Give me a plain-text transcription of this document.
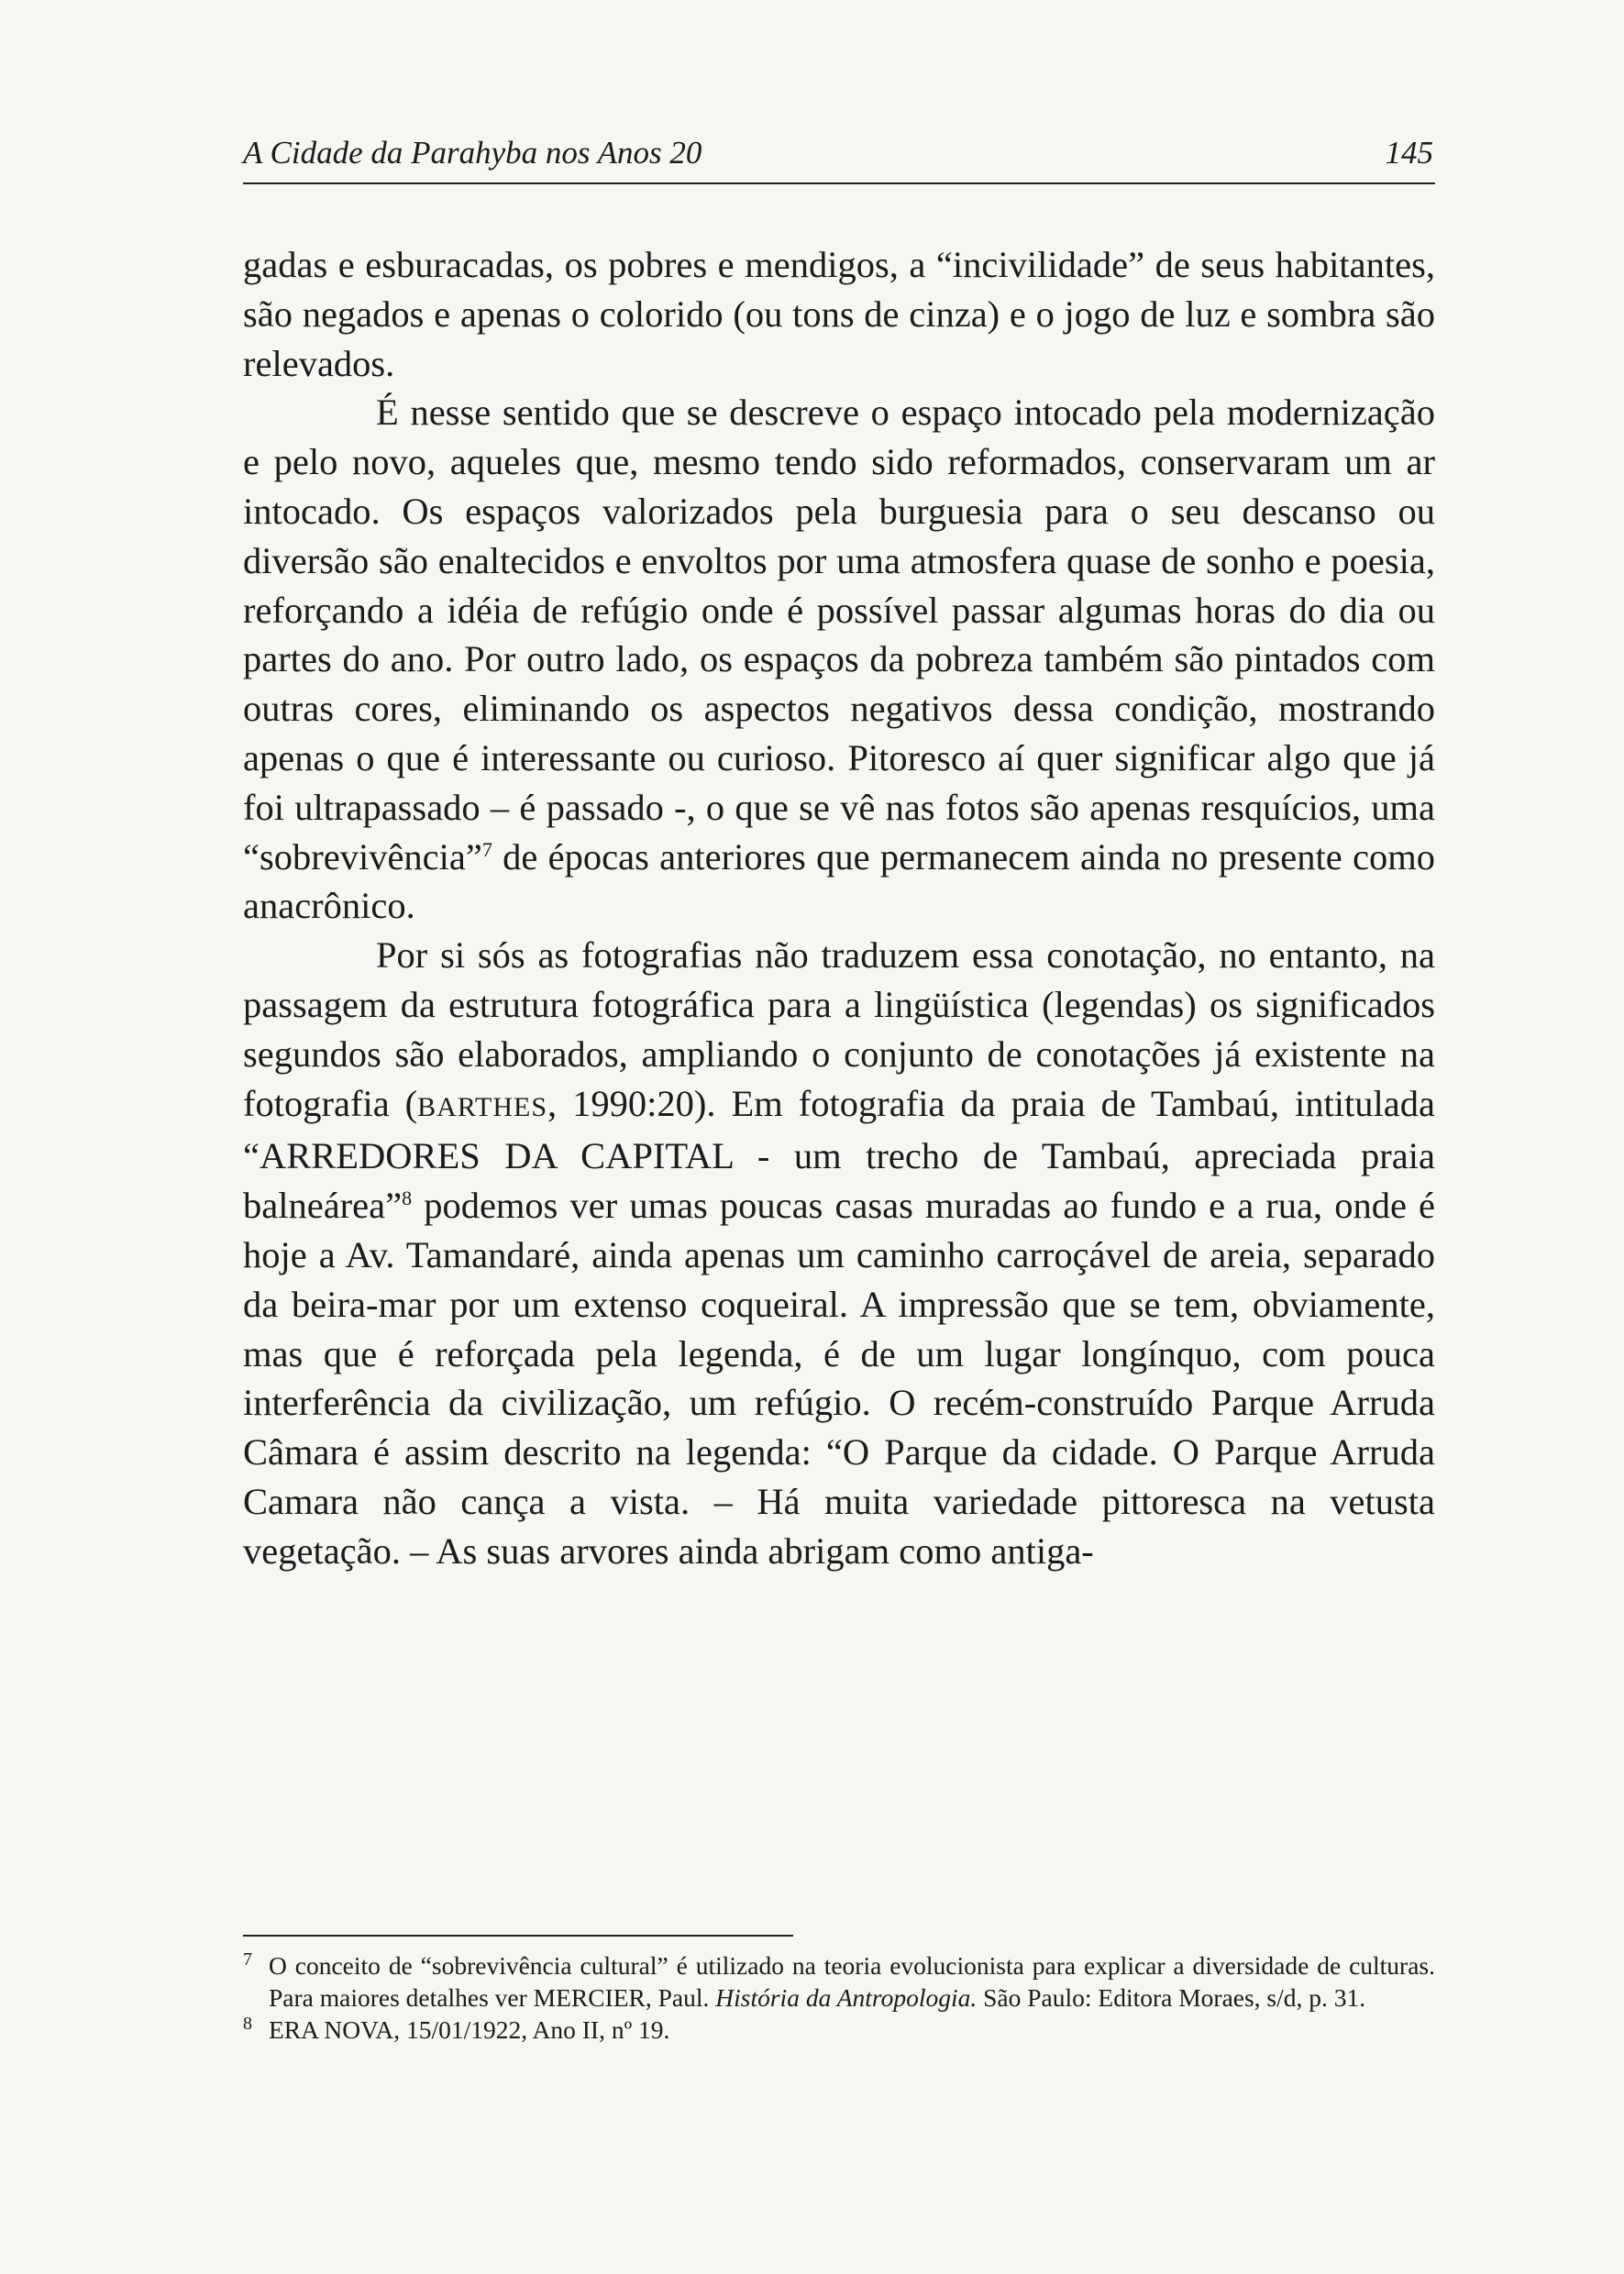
A Cidade da Parahyba nos Anos 20	145

gadas e esburacadas, os pobres e mendigos, a “incivilidade” de seus habitantes, são negados e apenas o colorido (ou tons de cinza) e o jogo de luz e sombra são relevados.

É nesse sentido que se descreve o espaço intocado pela modernização e pelo novo, aqueles que, mesmo tendo sido reformados, conservaram um ar intocado. Os espaços valorizados pela burguesia para o seu descanso ou diversão são enaltecidos e envoltos por uma atmosfera quase de sonho e poesia, reforçando a idéia de refúgio onde é possível passar algumas horas do dia ou partes do ano. Por outro lado, os espaços da pobreza também são pintados com outras cores, eliminando os aspectos negativos dessa condição, mostrando apenas o que é interessante ou curioso. Pitoresco aí quer significar algo que já foi ultrapassado – é passado -, o que se vê nas fotos são apenas resquícios, uma “sobrevivência”$^7$ de épocas anteriores que permanecem ainda no presente como anacrônico.

Por si sós as fotografias não traduzem essa conotação, no entanto, na passagem da estrutura fotográfica para a lingüística (legendas) os significados segundos são elaborados, ampliando o conjunto de conotações já existente na fotografia (BARTHES, 1990:20). Em fotografia da praia de Tambaú, intitulada “ARREDORES DA CAPITAL - um trecho de Tambaú, apreciada praia balneárea”$^8$ podemos ver umas poucas casas muradas ao fundo e a rua, onde é hoje a Av. Tamandaré, ainda apenas um caminho carroçável de areia, separado da beira-mar por um extenso coqueiral. A impressão que se tem, obviamente, mas que é reforçada pela legenda, é de um lugar longínquo, com pouca interferência da civilização, um refúgio. O recém-construído Parque Arruda Câmara é assim descrito na legenda: “O Parque da cidade. O Parque Arruda Camara não cança a vista. – Há muita variedade pittoresca na vetusta vegetação. – As suas arvores ainda abrigam como antiga-

7 O conceito de “sobrevivência cultural” é utilizado na teoria evolucionista para explicar a diversidade de culturas. Para maiores detalhes ver MERCIER, Paul. História da Antropologia. São Paulo: Editora Moraes, s/d, p. 31.

8 ERA NOVA, 15/01/1922, Ano II, nº 19.
